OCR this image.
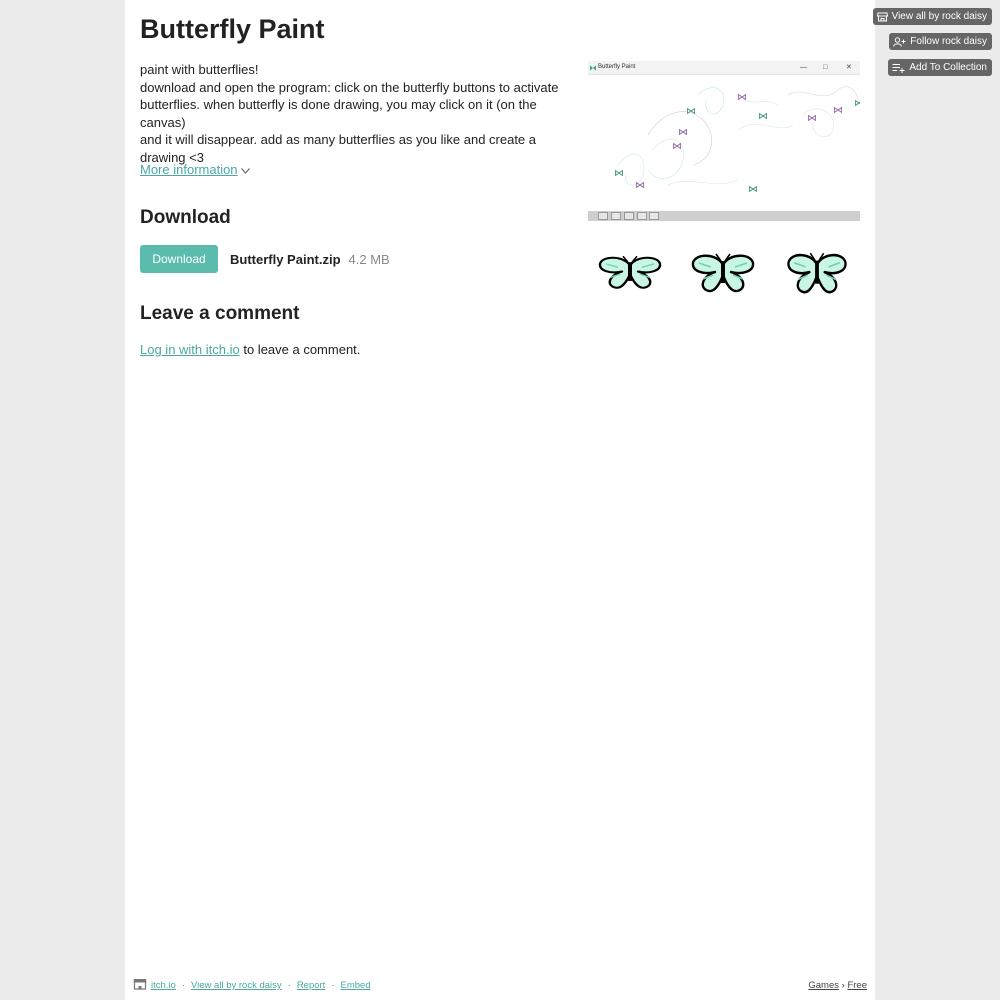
Butterfly Paint
paint with butterflies!
download and open the program: click on the butterfly buttons to activate
butterflies. when butterfly is done drawing, you may click on it (on the canvas)
and it will disappear. add as many butterflies as you like and create a drawing <3
More information
Download
Download	Butterfly Paint.zip 4.2 MB
Leave a comment
Log in with itch.io to leave a comment.
Butterfly Paint	— □	✕
View all by rock daisy
Follow rock daisy
Add To Collection
itch.io · View all by rock daisy · Report · Embed	Games › Free
